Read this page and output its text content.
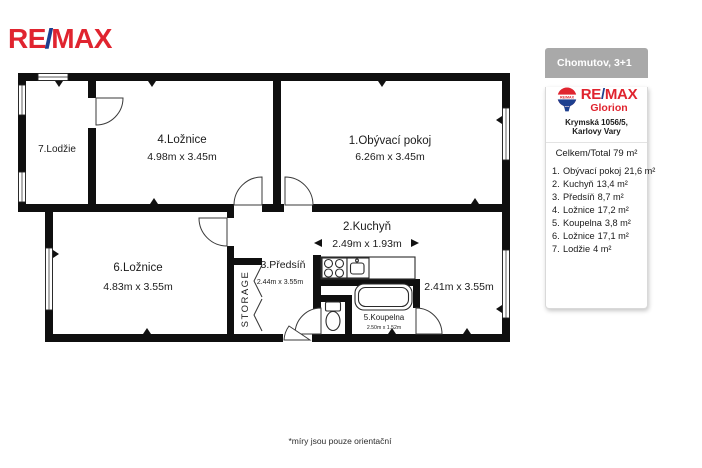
RE/MAX
7.Lodžie
4.Ložnice
4.98m x 3.45m
1.Obývací pokoj
6.26m x 3.45m
6.Ložnice
4.83m x 3.55m
2.Kuchyň
2.49m x 1.93m
3.Předsíň
2.44m x 3.55m
5.Koupelna
2.50m x 1.52m
2.41m x 3.55m
STORAGE
*míry jsou pouze orientační
Chomutov, 3+1
RE/MAX RE/MAX
Glorion
Krymská 1056/5, Karlovy Vary
Celkem/Total 79 m²
1. Obývací pokoj 21,6 m²
2. Kuchyň 13,4 m²
3. Předsíň 8,7 m²
4. Ložnice 17,2 m²
5. Koupelna 3,8 m²
6. Ložnice 17,1 m²
7. Lodžie 4 m²
